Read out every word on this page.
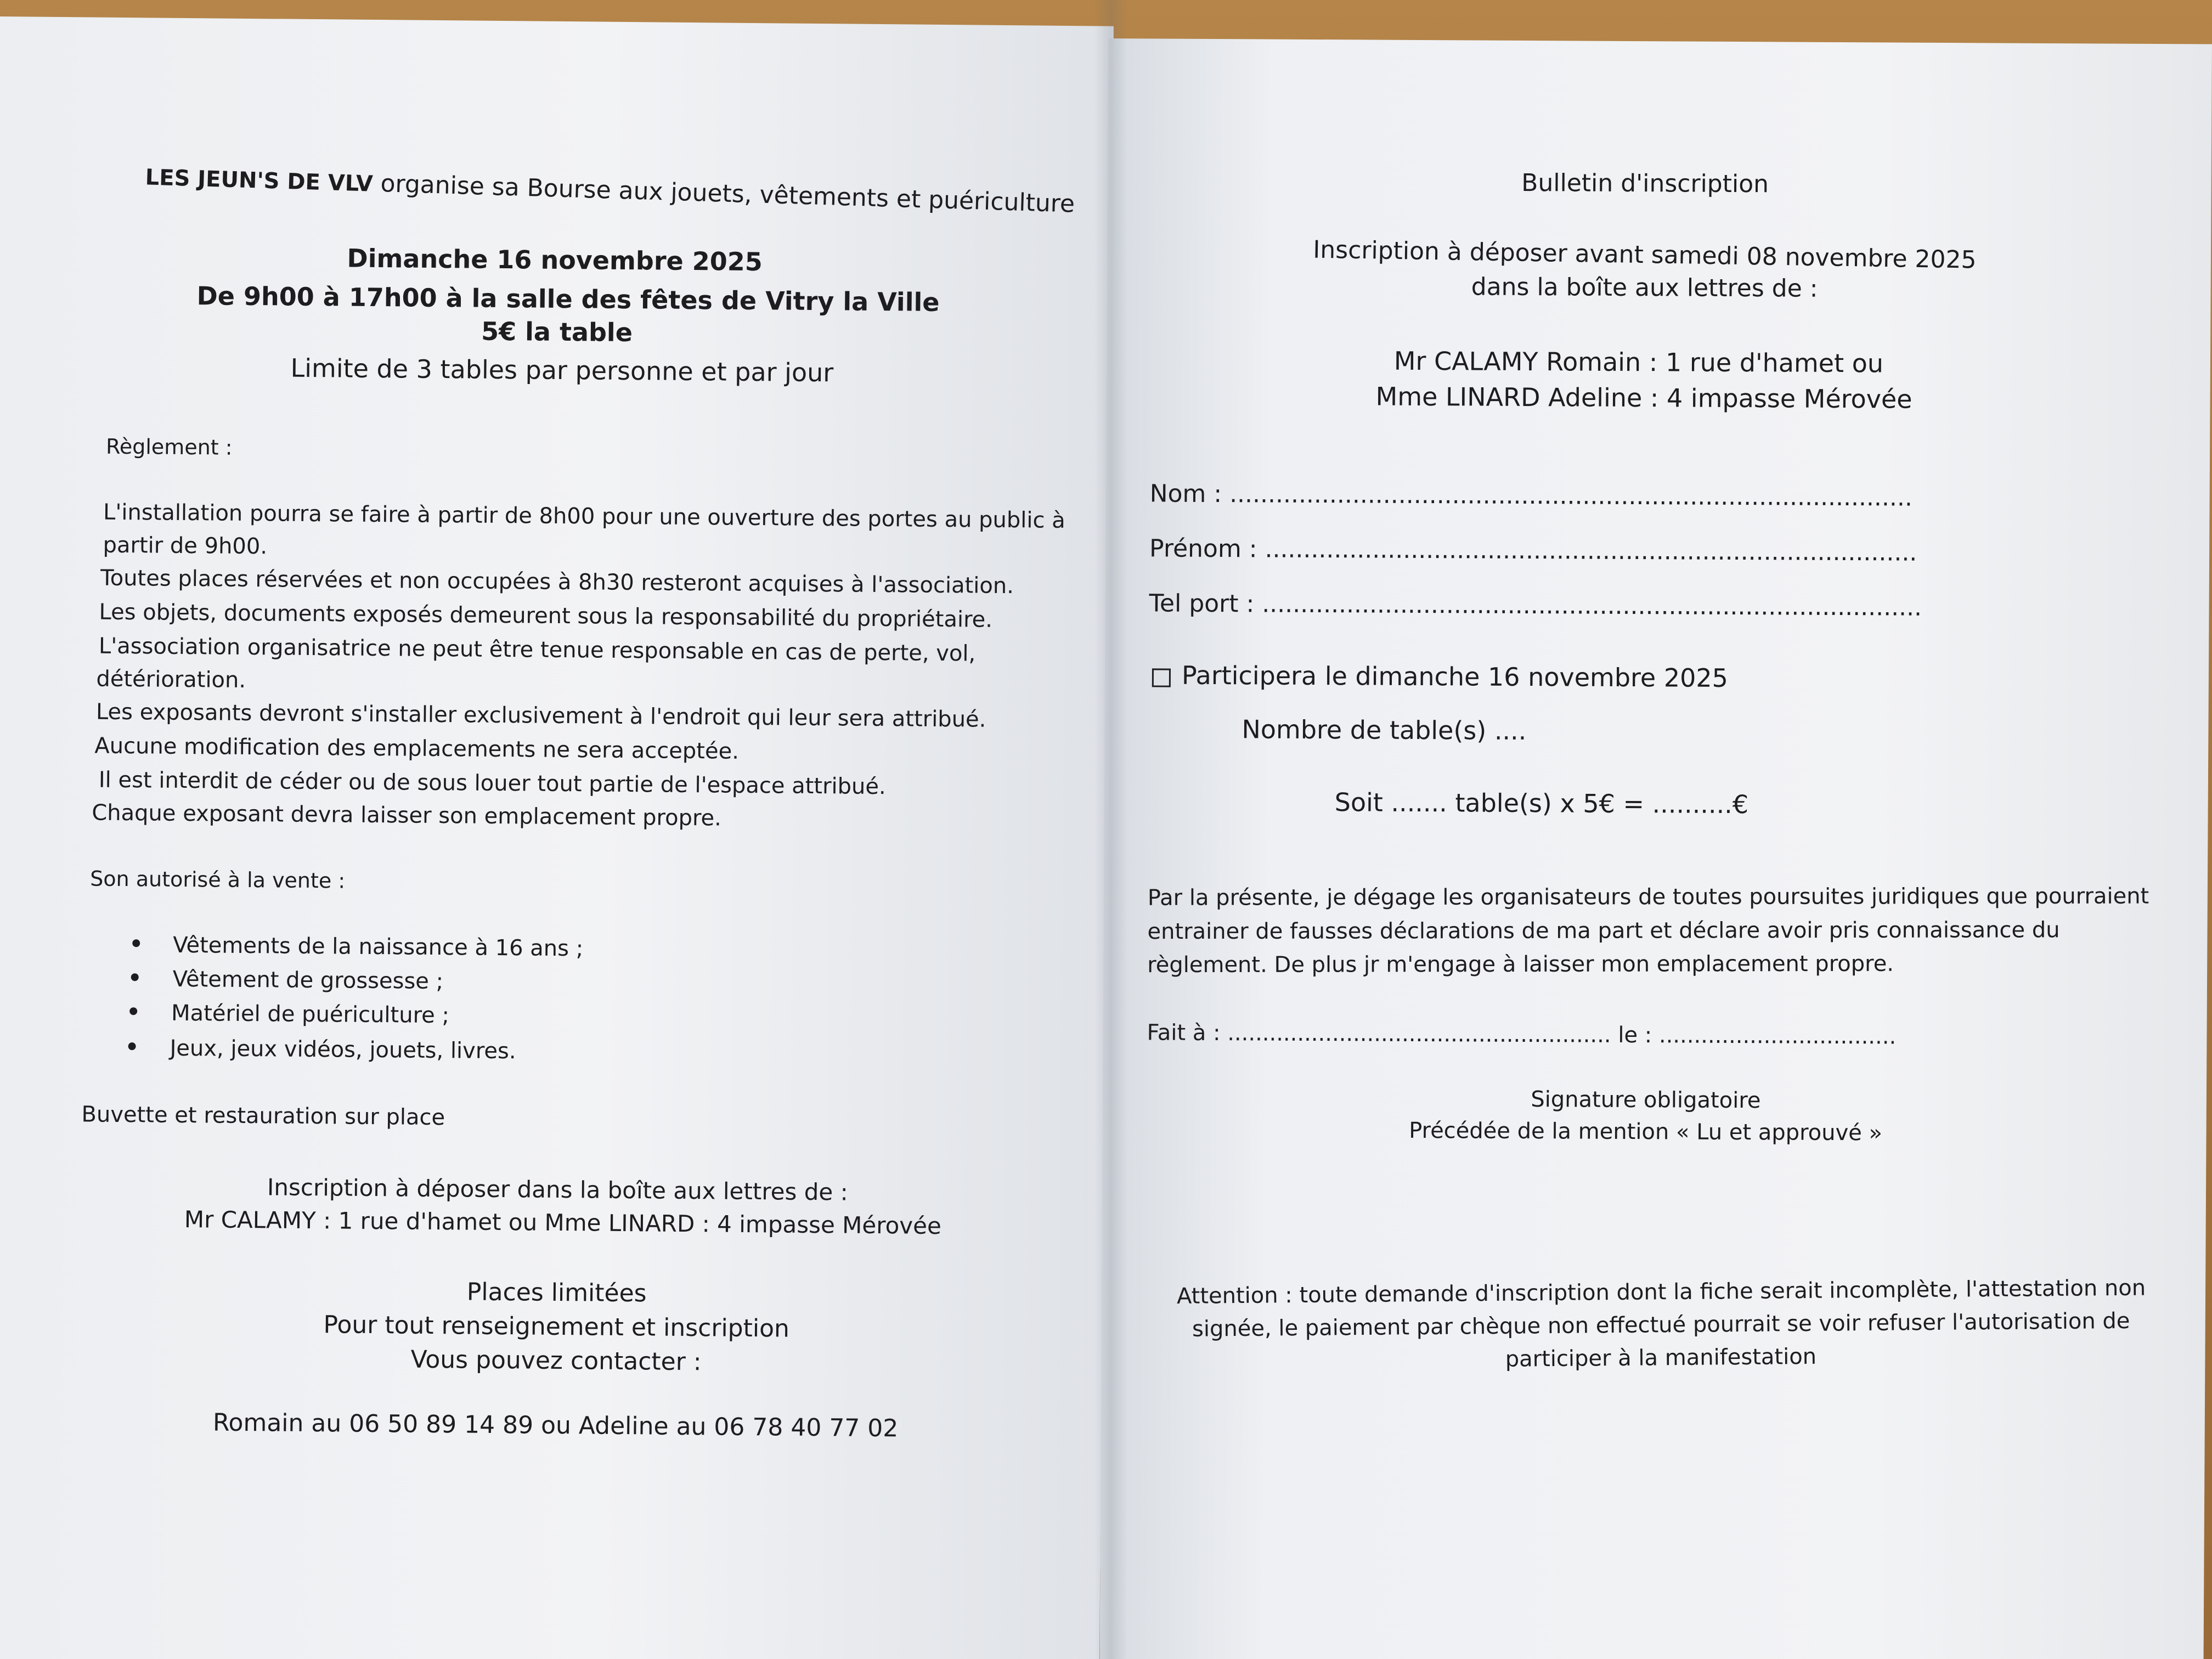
LES JEUN'S DE VLV organise sa Bourse aux jouets, vêtements et puériculture
Dimanche 16 novembre 2025
De 9h00 à 17h00 à la salle des fêtes de Vitry la Ville
5€ la table
Limite de 3 tables par personne et par jour
Règlement :
L'installation pourra se faire à partir de 8h00 pour une ouverture des portes au public à
partir de 9h00.
Toutes places réservées et non occupées à 8h30 resteront acquises à l'association.
Les objets, documents exposés demeurent sous la responsabilité du propriétaire.
L'association organisatrice ne peut être tenue responsable en cas de perte, vol,
détérioration.
Les exposants devront s'installer exclusivement à l'endroit qui leur sera attribué.
Aucune modification des emplacements ne sera acceptée.
Il est interdit de céder ou de sous louer tout partie de l'espace attribué.
Chaque exposant devra laisser son emplacement propre.
Son autorisé à la vente :
Vêtements de la naissance à 16 ans ;
Vêtement de grossesse ;
Matériel de puériculture ;
Jeux, jeux vidéos, jouets, livres.
Buvette et restauration sur place
Inscription à déposer dans la boîte aux lettres de :
Mr CALAMY : 1 rue d'hamet ou Mme LINARD : 4 impasse Mérovée
Places limitées
Pour tout renseignement et inscription
Vous pouvez contacter :
Romain au 06 50 89 14 89 ou Adeline au 06 78 40 77 02
Bulletin d'inscription
Inscription à déposer avant samedi 08 novembre 2025
dans la boîte aux lettres de :
Mr CALAMY Romain : 1 rue d'hamet ou
Mme LINARD Adeline : 4 impasse Mérovée
Nom : .........................................................................................
Prénom : .....................................................................................
Tel port : ......................................................................................
Participera le dimanche 16 novembre 2025
Nombre de table(s) ....
Soit ....... table(s) x 5€ = ..........€
Par la présente, je dégage les organisateurs de toutes poursuites juridiques que pourraient
entrainer de fausses déclarations de ma part et déclare avoir pris connaissance du
règlement. De plus jr m'engage à laisser mon emplacement propre.
Fait à : ....................................................... le : ..................................
Signature obligatoire
Précédée de la mention « Lu et approuvé »
Attention : toute demande d'inscription dont la fiche serait incomplète, l'attestation non
signée, le paiement par chèque non effectué pourrait se voir refuser l'autorisation de
participer à la manifestation
